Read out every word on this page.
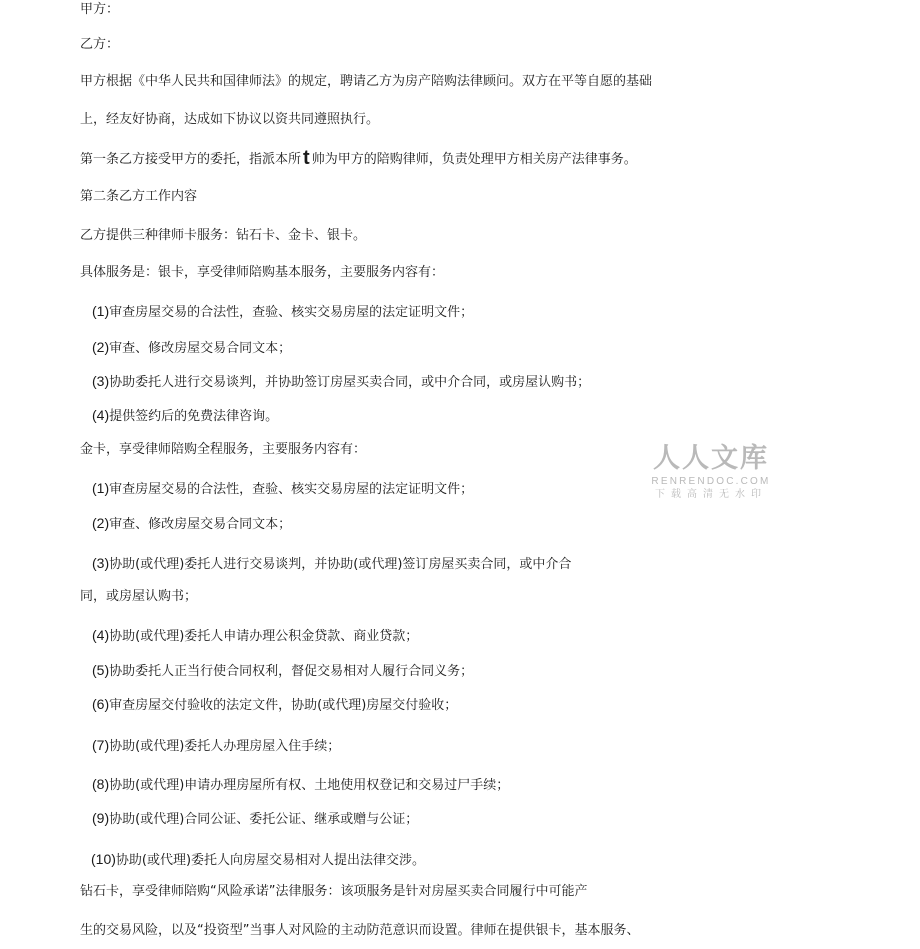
甲方：
乙方：
甲方根据《中华人民共和国律师法》的规定，聘请乙方为房产陪购法律顾问。双方在平等自愿的基础
上，经友好协商，达成如下协议以资共同遵照执行。
第一条乙方接受甲方的委托，指派本所 t 帅为甲方的陪购律师，负责处理甲方相关房产法律事务。
第二条乙方工作内容
乙方提供三种律师卡服务：钻石卡、金卡、银卡。
具体服务是：银卡，享受律师陪购基本服务，主要服务内容有：
(1)审查房屋交易的合法性，查验、核实交易房屋的法定证明文件；
(2)审查、修改房屋交易合同文本；
(3)协助委托人进行交易谈判，并协助签订房屋买卖合同，或中介合同，或房屋认购书；
(4)提供签约后的免费法律咨询。
金卡，享受律师陪购全程服务，主要服务内容有：
(1)审查房屋交易的合法性，查验、核实交易房屋的法定证明文件；
(2)审查、修改房屋交易合同文本；
(3)协助(或代理)委托人进行交易谈判，并协助(或代理)签订房屋买卖合同，或中介合
同，或房屋认购书；
(4)协助(或代理)委托人申请办理公积金贷款、商业贷款；
(5)协助委托人正当行使合同权利，督促交易相对人履行合同义务；
(6)审查房屋交付验收的法定文件，协助(或代理)房屋交付验收；
(7)协助(或代理)委托人办理房屋入住手续；
(8)协助(或代理)申请办理房屋所有权、土地使用权登记和交易过尸手续；
(9)协助(或代理)合同公证、委托公证、继承或赠与公证；
(10)协助(或代理)委托人向房屋交易相对人提出法律交涉。
钻石卡，享受律师陪购“风险承诺”法律服务：该项服务是针对房屋买卖合同履行中可能产
生的交易风险，以及“投资型”当事人对风险的主动防范意识而设置。律师在提供银卡，基本服务、
人人文库
RENRENDOC.COM
下载高清无水印
